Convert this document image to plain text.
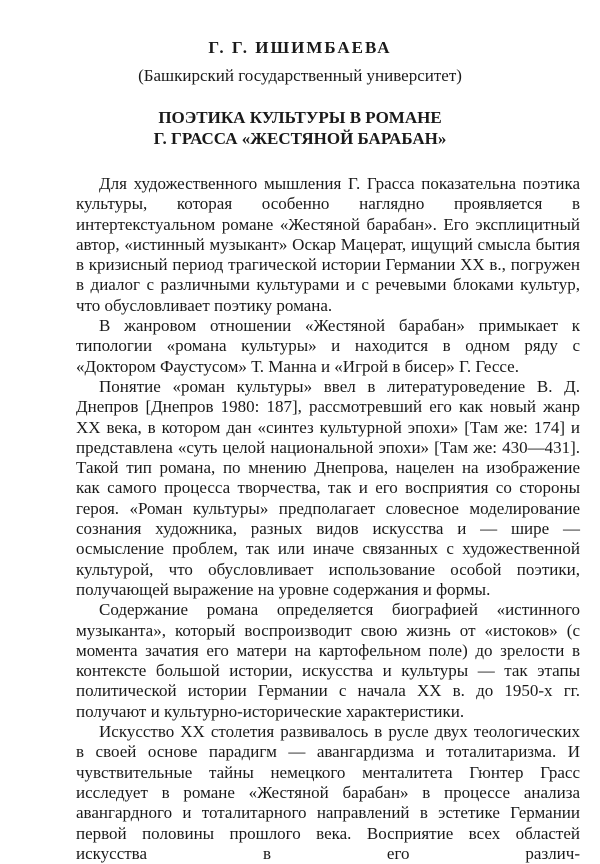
Г. Г. ИШИМБАЕВА
(Башкирский государственный университет)
ПОЭТИКА КУЛЬТУРЫ В РОМАНЕ
Г. ГРАССА «ЖЕСТЯНОЙ БАРАБАН»

Для художественного мышления Г. Грасса показательна поэтика культуры, которая особенно наглядно проявляется в интертекстуальном романе «Жестяной барабан». Его эксплицитный автор, «истинный музыкант» Оскар Мацерат, ищущий смысла бытия в кризисный период трагической истории Германии XX в., погружен в диалог с различными культурами и с речевыми блоками культур, что обусловливает поэтику романа.

В жанровом отношении «Жестяной барабан» примыкает к типологии «романа культуры» и находится в одном ряду с «Доктором Фаустусом» Т. Манна и «Игрой в бисер» Г. Гессе.

Понятие «роман культуры» ввел в литературоведение В. Д. Днепров [Днепров 1980: 187], рассмотревший его как новый жанр XX века, в котором дан «синтез культурной эпохи» [Там же: 174] и представлена «суть целой национальной эпохи» [Там же: 430—431]. Такой тип романа, по мнению Днепрова, нацелен на изображение как самого процесса творчества, так и его восприятия со стороны героя. «Роман культуры» предполагает словесное моделирование сознания художника, разных видов искусства и — шире — осмысление проблем, так или иначе связанных с художественной культурой, что обусловливает использование особой поэтики, получающей выражение на уровне содержания и формы.

Содержание романа определяется биографией «истинного музыканта», который воспроизводит свою жизнь от «истоков» (с момента зачатия его матери на картофельном поле) до зрелости в контексте большой истории, искусства и культуры — так этапы политической истории Германии с начала XX в. до 1950-х гг. получают и культурно-исторические характеристики.

Искусство XX столетия развивалось в русле двух теологических в своей основе парадигм — авангардизма и тоталитаризма. И чувствительные тайны немецкого менталитета Гюнтер Грасс исследует в романе «Жестяной барабан» в процессе анализа авангардного и тоталитарного направлений в эстетике Германии первой половины прошлого века. Восприятие всех областей искусства в его различ-
